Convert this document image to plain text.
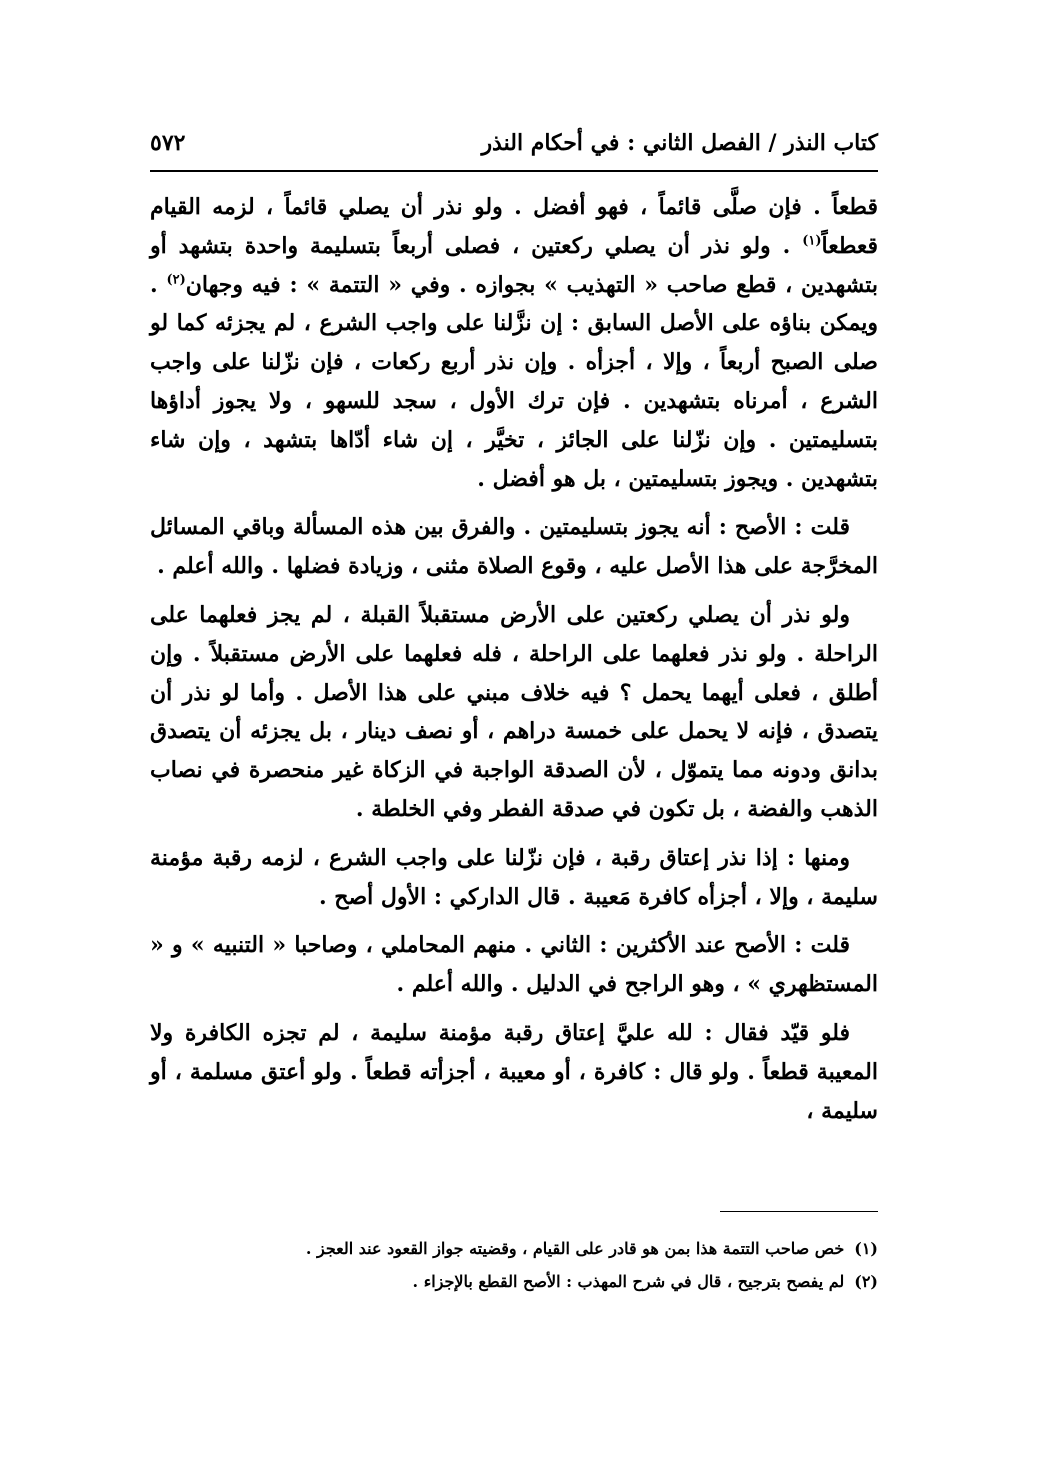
كتاب النذر / الفصل الثاني : في أحكام النذر
٥٧٢

قطعاً . فإن صلَّى قائماً ، فهو أفضل . ولو نذر أن يصلي قائماً ، لزمه القيام قعطعاً$^{(١)}$ . ولو نذر أن يصلي ركعتين ، فصلى أربعاً بتسليمة واحدة بتشهد أو بتشهدين ، قطع صاحب « التهذيب » بجوازه . وفي « التتمة » : فيه وجهان$^{(٢)}$ . ويمكن بناؤه على الأصل السابق : إن نزَّلنا على واجب الشرع ، لم يجزئه كما لو صلى الصبح أربعاً ، وإلا ، أجزأه . وإن نذر أربع ركعات ، فإن نزّلنا على واجب الشرع ، أمرناه بتشهدين . فإن ترك الأول ، سجد للسهو ، ولا يجوز أداؤها بتسليمتين . وإن نزّلنا على الجائز ، تخيَّر ، إن شاء أدّاها بتشهد ، وإن شاء بتشهدين . ويجوز بتسليمتين ، بل هو أفضل .

قلت : الأصح : أنه يجوز بتسليمتين . والفرق بين هذه المسألة وباقي المسائل المخرَّجة على هذا الأصل عليه ، وقوع الصلاة مثنى ، وزيادة فضلها . والله أعلم .

ولو نذر أن يصلي ركعتين على الأرض مستقبلاً القبلة ، لم يجز فعلهما على الراحلة . ولو نذر فعلهما على الراحلة ، فله فعلهما على الأرض مستقبلاً . وإن أطلق ، فعلى أيهما يحمل ؟ فيه خلاف مبني على هذا الأصل . وأما لو نذر أن يتصدق ، فإنه لا يحمل على خمسة دراهم ، أو نصف دينار ، بل يجزئه أن يتصدق بدانق ودونه مما يتموّل ، لأن الصدقة الواجبة في الزكاة غير منحصرة في نصاب الذهب والفضة ، بل تكون في صدقة الفطر وفي الخلطة .

ومنها : إذا نذر إعتاق رقبة ، فإن نزّلنا على واجب الشرع ، لزمه رقبة مؤمنة سليمة ، وإلا ، أجزأه كافرة مَعيبة . قال الداركي : الأول أصح .

قلت : الأصح عند الأكثرين : الثاني . منهم المحاملي ، وصاحبا « التنبيه » و « المستظهري » ، وهو الراجح في الدليل . والله أعلم .

فلو قيّد فقال : لله عليَّ إعتاق رقبة مؤمنة سليمة ، لم تجزه الكافرة ولا المعيبة قطعاً . ولو قال : كافرة ، أو معيبة ، أجزأته قطعاً . ولو أعتق مسلمة ، أو سليمة ،

(١)خص صاحب التتمة هذا بمن هو قادر على القيام ، وقضيته جواز القعود عند العجز .
(٢)لم يفصح بترجيح ، قال في شرح المهذب : الأصح القطع بالإجزاء .
